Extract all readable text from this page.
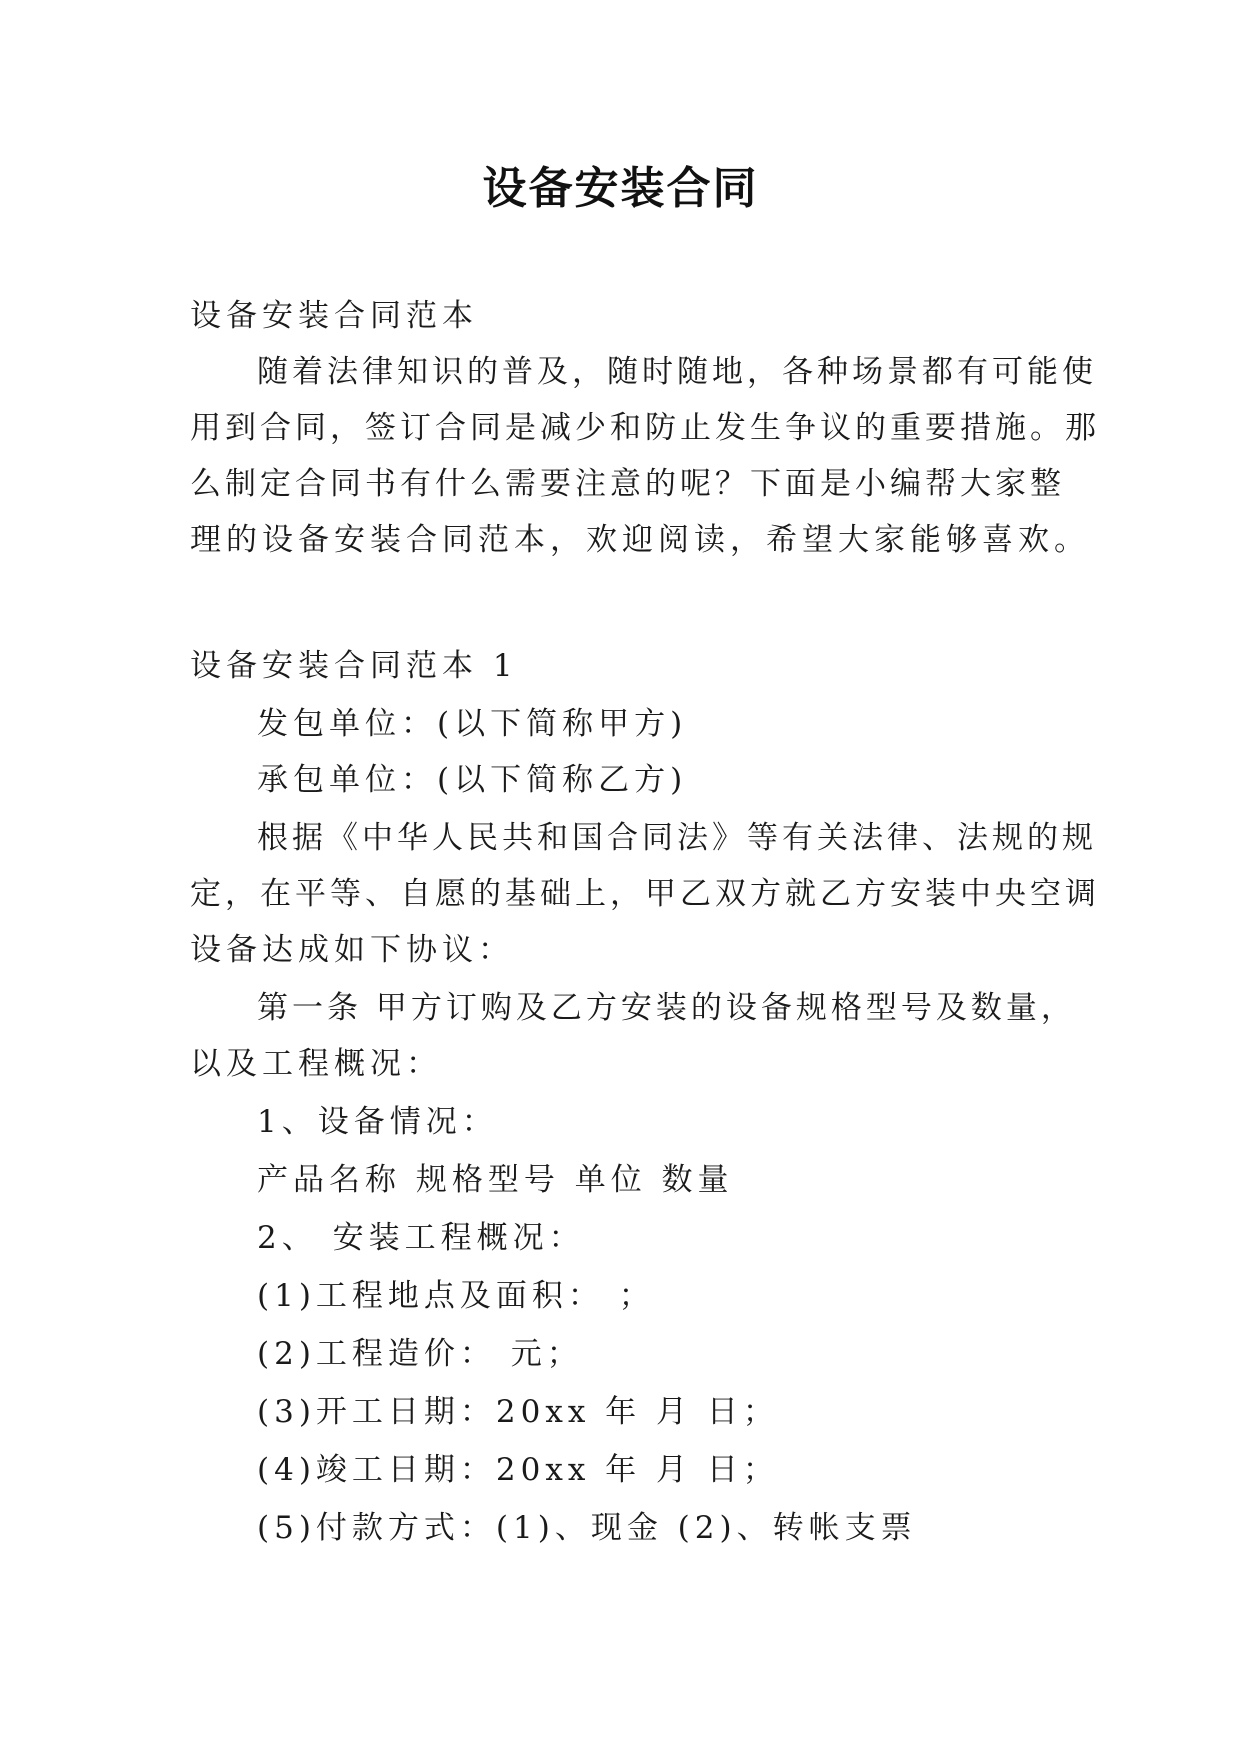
设备安装合同
设备安装合同范本
随着法律知识的普及，随时随地，各种场景都有可能使
用到合同，签订合同是减少和防止发生争议的重要措施。那
么制定合同书有什么需要注意的呢？下面是小编帮大家整
理的设备安装合同范本，欢迎阅读，希望大家能够喜欢。
设备安装合同范本 1
发包单位：(以下简称甲方)
承包单位：(以下简称乙方)
根据《中华人民共和国合同法》等有关法律、法规的规
定，在平等、自愿的基础上，甲乙双方就乙方安装中央空调
设备达成如下协议：
第一条 甲方订购及乙方安装的设备规格型号及数量，
以及工程概况：
1、设备情况：
产品名称 规格型号 单位 数量
2、 安装工程概况：
(1)工程地点及面积： ；
(2)工程造价： 元；
(3)开工日期：20xx 年 月 日；
(4)竣工日期：20xx 年 月 日；
(5)付款方式：(1)、现金 (2)、转帐支票
